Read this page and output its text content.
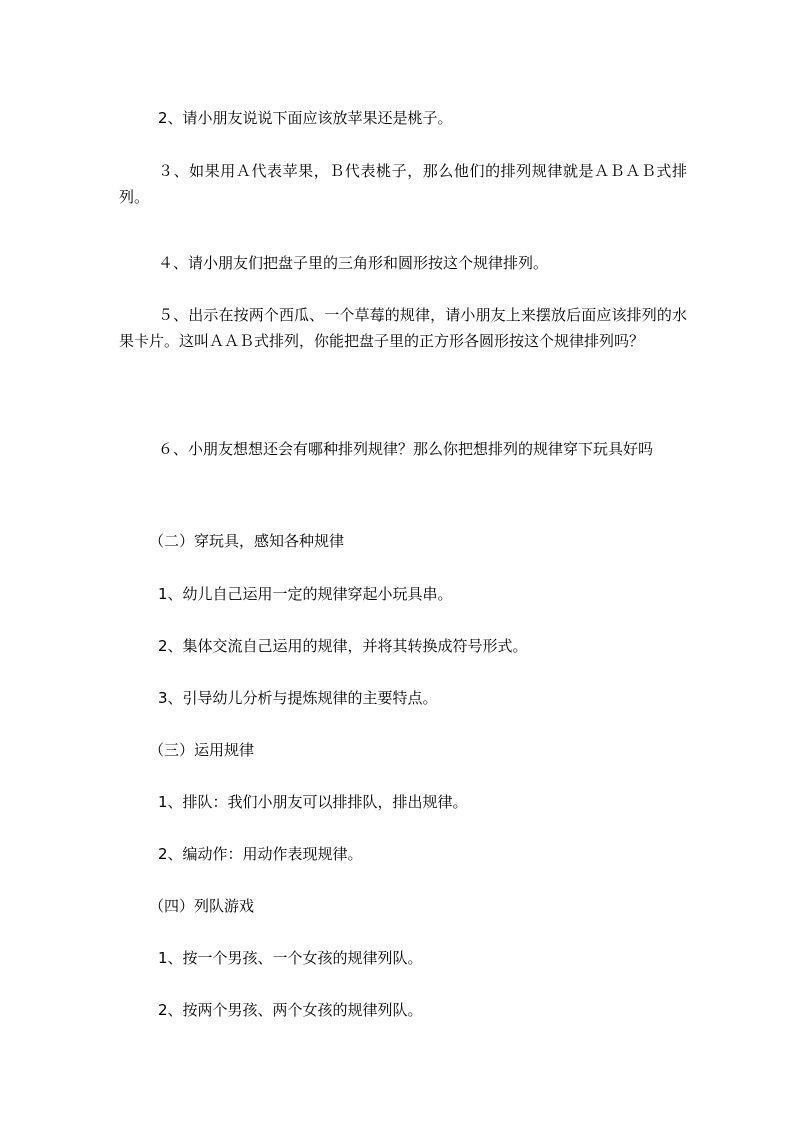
2、请小朋友说说下面应该放苹果还是桃子。

３、如果用Ａ代表苹果，Ｂ代表桃子，那么他们的排列规律就是ＡＢＡＢ式排列。

４、请小朋友们把盘子里的三角形和圆形按这个规律排列。

５、出示在按两个西瓜、一个草莓的规律，请小朋友上来摆放后面应该排列的水果卡片。这叫ＡＡＢ式排列，你能把盘子里的正方形各圆形按这个规律排列吗？

６、小朋友想想还会有哪种排列规律？那么你把想排列的规律穿下玩具好吗

（二）穿玩具，感知各种规律

1、幼儿自己运用一定的规律穿起小玩具串。

2、集体交流自己运用的规律，并将其转换成符号形式。

3、引导幼儿分析与提炼规律的主要特点。

（三）运用规律

1、排队：我们小朋友可以排排队，排出规律。

2、编动作：用动作表现规律。

（四）列队游戏

1、按一个男孩、一个女孩的规律列队。

2、按两个男孩、两个女孩的规律列队。
